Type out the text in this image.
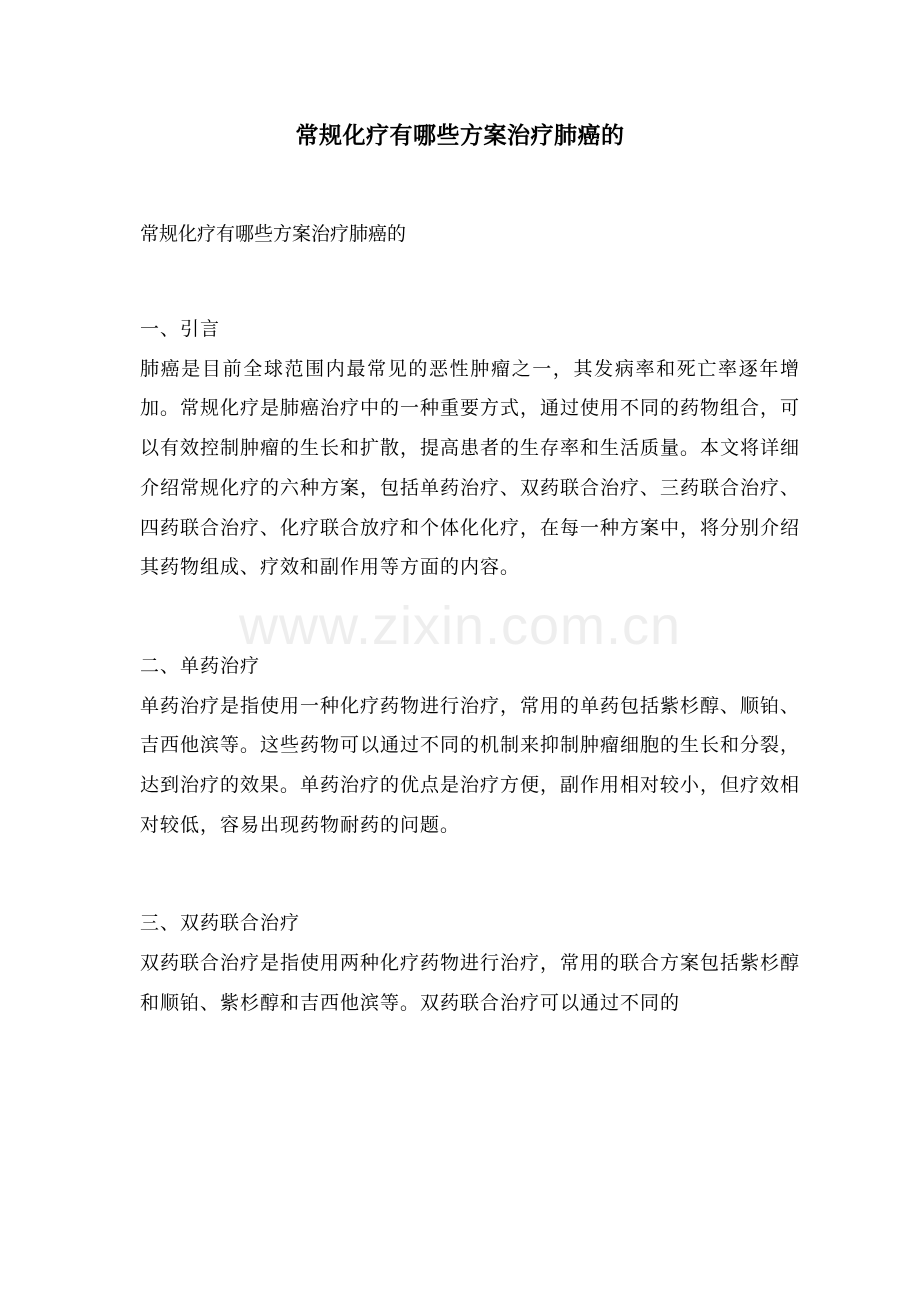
常规化疗有哪些方案治疗肺癌的
常规化疗有哪些方案治疗肺癌的

一、引言

肺癌是目前全球范围内最常见的恶性肿瘤之一，其发病率和死亡率逐年增加。常规化疗是肺癌治疗中的一种重要方式，通过使用不同的药物组合，可以有效控制肿瘤的生长和扩散，提高患者的生存率和生活质量。本文将详细介绍常规化疗的六种方案，包括单药治疗、双药联合治疗、三药联合治疗、四药联合治疗、化疗联合放疗和个体化化疗，在每一种方案中，将分别介绍其药物组成、疗效和副作用等方面的内容。

二、单药治疗

单药治疗是指使用一种化疗药物进行治疗，常用的单药包括紫杉醇、顺铂、吉西他滨等。这些药物可以通过不同的机制来抑制肿瘤细胞的生长和分裂，达到治疗的效果。单药治疗的优点是治疗方便，副作用相对较小，但疗效相对较低，容易出现药物耐药的问题。

三、双药联合治疗

双药联合治疗是指使用两种化疗药物进行治疗，常用的联合方案包括紫杉醇和顺铂、紫杉醇和吉西他滨等。双药联合治疗可以通过不同的

www.zixin.com.cn
